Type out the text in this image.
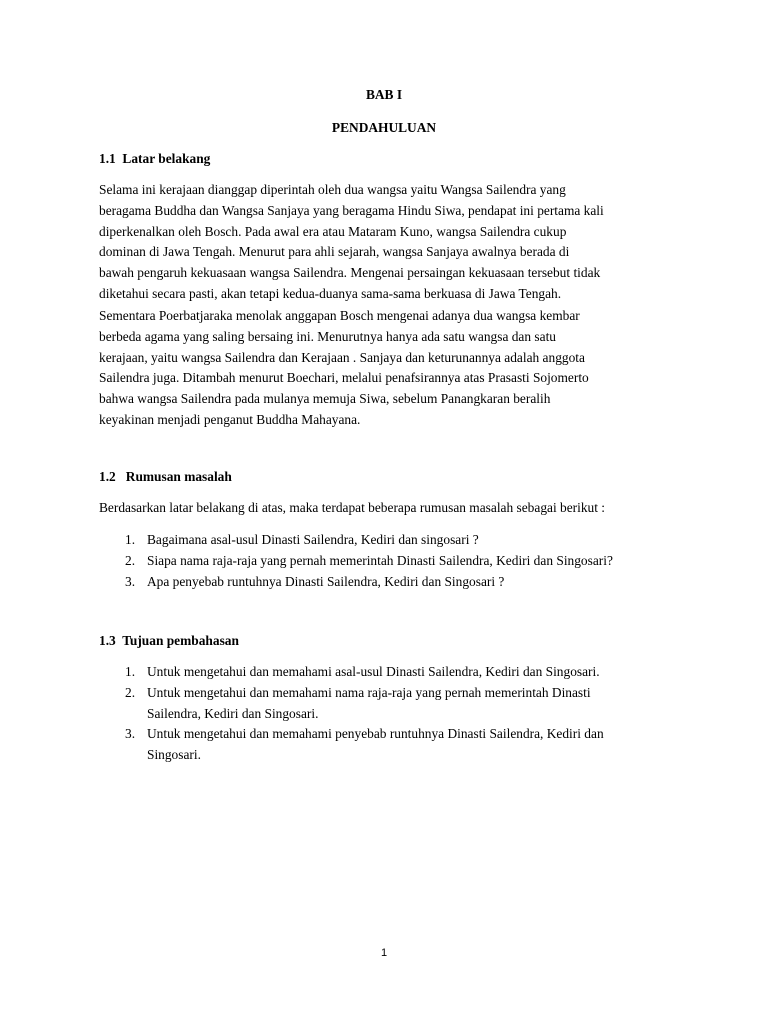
BAB I
PENDAHULUAN
1.1  Latar belakang
Selama ini kerajaan dianggap diperintah oleh dua wangsa yaitu Wangsa Sailendra yang
beragama Buddha dan Wangsa Sanjaya yang beragama Hindu Siwa, pendapat ini pertama kali
diperkenalkan oleh Bosch. Pada awal era atau Mataram Kuno, wangsa Sailendra cukup
dominan di Jawa Tengah. Menurut para ahli sejarah, wangsa Sanjaya awalnya berada di
bawah pengaruh kekuasaan wangsa Sailendra. Mengenai persaingan kekuasaan tersebut tidak
diketahui secara pasti, akan tetapi kedua-duanya sama-sama berkuasa di Jawa Tengah.
Sementara Poerbatjaraka menolak anggapan Bosch mengenai adanya dua wangsa kembar
berbeda agama yang saling bersaing ini. Menurutnya hanya ada satu wangsa dan satu
kerajaan, yaitu wangsa Sailendra dan Kerajaan . Sanjaya dan keturunannya adalah anggota
Sailendra juga. Ditambah menurut Boechari, melalui penafsirannya atas Prasasti Sojomerto
bahwa wangsa Sailendra pada mulanya memuja Siwa, sebelum Panangkaran beralih
keyakinan menjadi penganut Buddha Mahayana.
1.2   Rumusan masalah
Berdasarkan latar belakang di atas, maka terdapat beberapa rumusan masalah sebagai berikut :
1. Bagaimana asal-usul Dinasti Sailendra, Kediri dan singosari ?
2. Siapa nama raja-raja yang pernah memerintah Dinasti Sailendra, Kediri dan Singosari?
3. Apa penyebab runtuhnya Dinasti Sailendra, Kediri dan Singosari ?
1.3  Tujuan pembahasan
1. Untuk mengetahui dan memahami asal-usul Dinasti Sailendra, Kediri dan Singosari.
2. Untuk mengetahui dan memahami nama raja-raja yang pernah memerintah Dinasti
Sailendra, Kediri dan Singosari.
3. Untuk mengetahui dan memahami penyebab runtuhnya Dinasti Sailendra, Kediri dan
Singosari.
1
